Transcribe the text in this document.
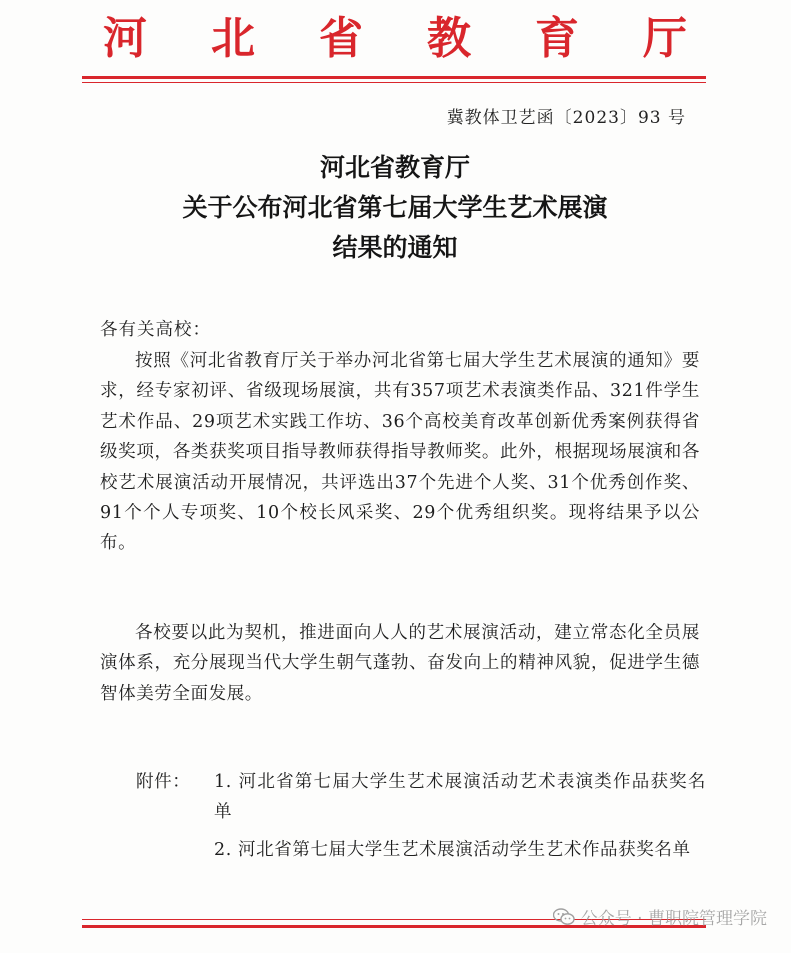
河 北 省 教 育 厅
冀教体卫艺函〔2023〕93 号
河北省教育厅
关于公布河北省第七届大学生艺术展演
结果的通知
各有关高校：
按照《河北省教育厅关于举办河北省第七届大学生艺术展演的通知》要求，经专家初评、省级现场展演，共有357项艺术表演类作品、321件学生艺术作品、29项艺术实践工作坊、36个高校美育改革创新优秀案例获得省级奖项，各类获奖项目指导教师获得指导教师奖。此外，根据现场展演和各校艺术展演活动开展情况，共评选出37个先进个人奖、31个优秀创作奖、91个个人专项奖、10个校长风采奖、29个优秀组织奖。现将结果予以公布。
各校要以此为契机，推进面向人人的艺术展演活动，建立常态化全员展演体系，充分展现当代大学生朝气蓬勃、奋发向上的精神风貌，促进学生德智体美劳全面发展。
附件：	1. 河北省第七届大学生艺术展演活动艺术表演类作品获奖名单
2. 河北省第七届大学生艺术展演活动学生艺术作品获奖名单
公众号 · 曹职院管理学院
